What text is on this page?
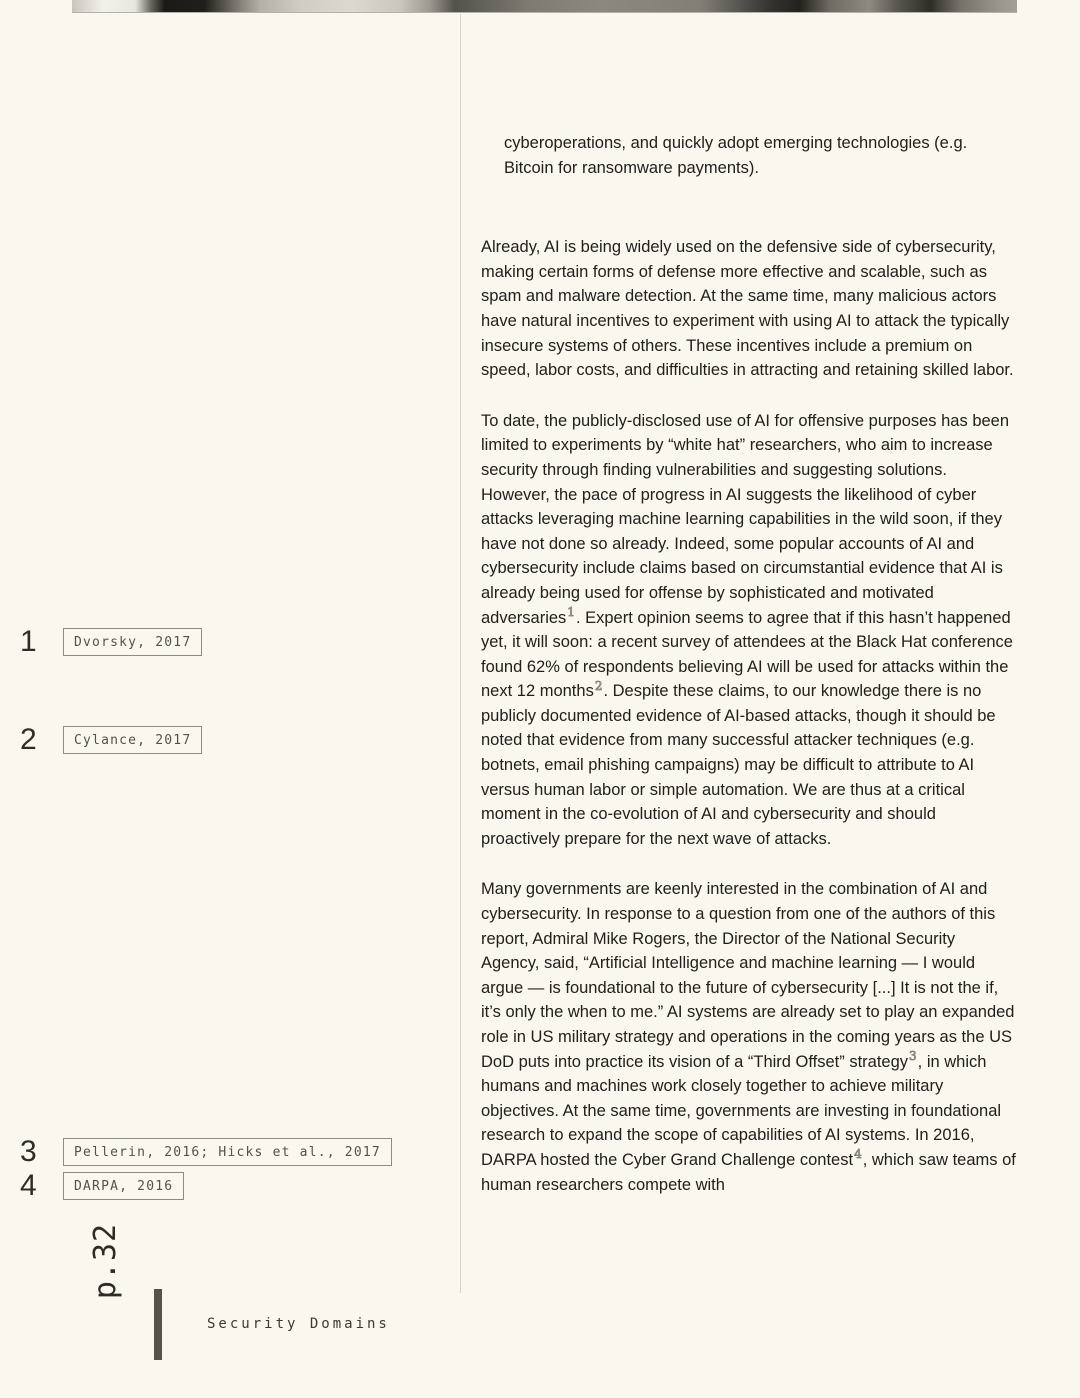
1	Dvorsky, 2017
2	Cylance, 2017
3	Pellerin, 2016; Hicks et al., 2017
4	DARPA, 2016

cyberoperations, and quickly adopt emerging technologies (e.g. Bitcoin for ransomware payments).

Already, AI is being widely used on the defensive side of cybersecurity, making certain forms of defense more effective and scalable, such as spam and malware detection. At the same time, many malicious actors have natural incentives to experiment with using AI to attack the typically insecure systems of others. These incentives include a premium on speed, labor costs, and difficulties in attracting and retaining skilled labor.

To date, the publicly-disclosed use of AI for offensive purposes has been limited to experiments by “white hat” researchers, who aim to increase security through finding vulnerabilities and suggesting solutions. However, the pace of progress in AI suggests the likelihood of cyber attacks leveraging machine learning capabilities in the wild soon, if they have not done so already. Indeed, some popular accounts of AI and cybersecurity include claims based on circumstantial evidence that AI is already being used for offense by sophisticated and motivated adversaries$^1$. Expert opinion seems to agree that if this hasn’t happened yet, it will soon: a recent survey of attendees at the Black Hat conference found 62% of respondents believing AI will be used for attacks within the next 12 months$^2$. Despite these claims, to our knowledge there is no publicly documented evidence of AI-based attacks, though it should be noted that evidence from many successful attacker techniques (e.g. botnets, email phishing campaigns) may be difficult to attribute to AI versus human labor or simple automation. We are thus at a critical moment in the co-evolution of AI and cybersecurity and should proactively prepare for the next wave of attacks.

Many governments are keenly interested in the combination of AI and cybersecurity. In response to a question from one of the authors of this report, Admiral Mike Rogers, the Director of the National Security Agency, said, “Artificial Intelligence and machine learning — I would argue — is foundational to the future of cybersecurity [...] It is not the if, it’s only the when to me.” AI systems are already set to play an expanded role in US military strategy and operations in the coming years as the US DoD puts into practice its vision of a “Third Offset” strategy$^3$, in which humans and machines work closely together to achieve military objectives. At the same time, governments are investing in foundational research to expand the scope of capabilities of AI systems. In 2016, DARPA hosted the Cyber Grand Challenge contest$^4$, which saw teams of human researchers compete with

p.32
Security Domains
